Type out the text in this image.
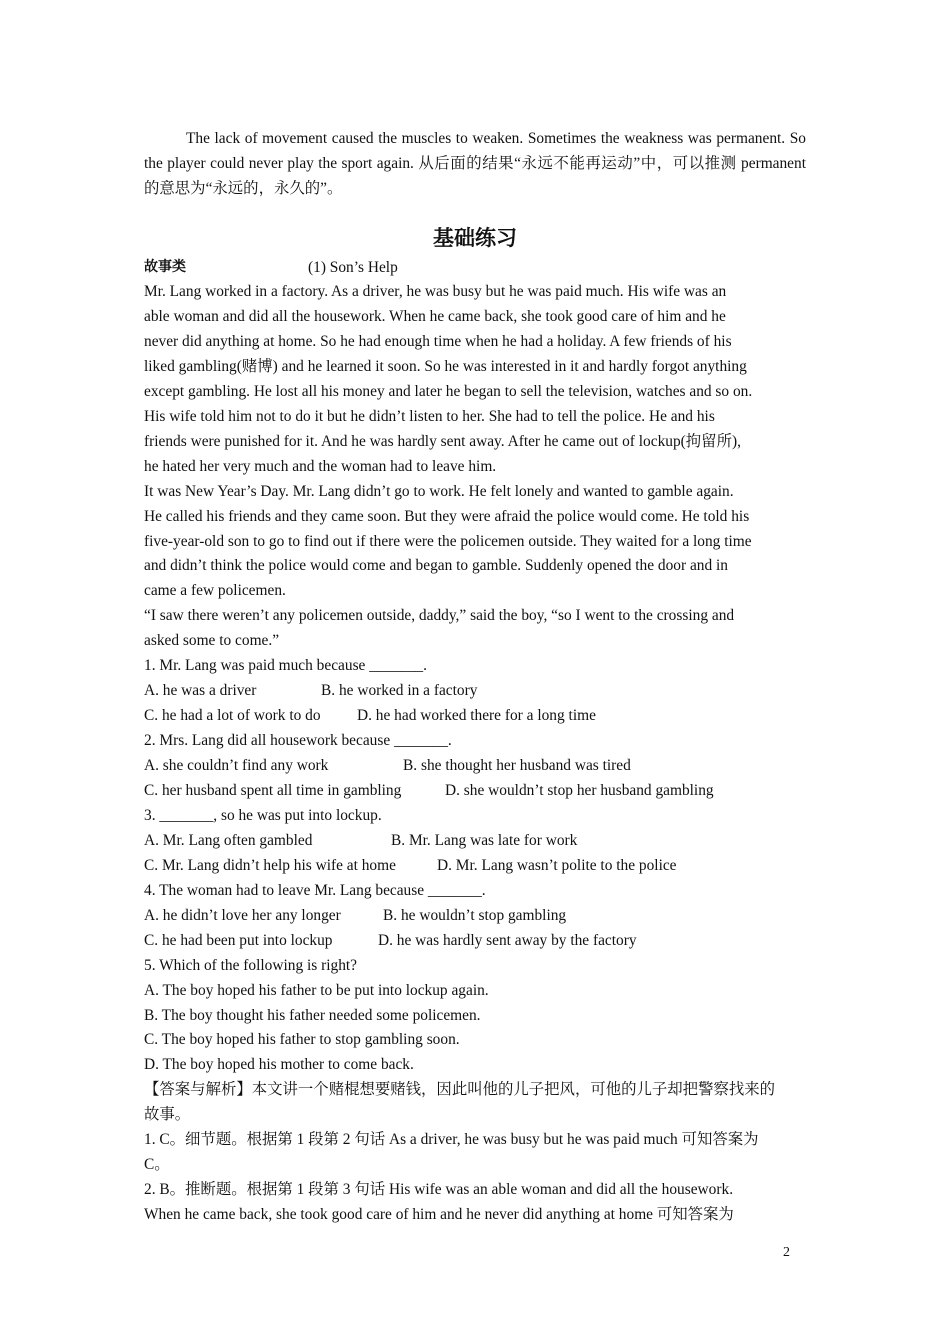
The lack of movement caused the muscles to weaken. Sometimes the weakness was permanent. So the player could never play the sport again. 从后面的结果“永远不能再运动”中，可以推测 permanent 的意思为“永远的，永久的”。

基础练习
故事类	(1) Son’s Help

Mr. Lang worked in a factory. As a driver, he was busy but he was paid much. His wife was an

able woman and did all the housework. When he came back, she took good care of him and he

never did anything at home. So he had enough time when he had a holiday. A few friends of his

liked gambling(赌博) and he learned it soon. So he was interested in it and hardly forgot anything

except gambling. He lost all his money and later he began to sell the television, watches and so on.

His wife told him not to do it but he didn’t listen to her. She had to tell the police. He and his

friends were punished for it. And he was hardly sent away. After he came out of lockup(拘留所),

he hated her very much and the woman had to leave him.

It was New Year’s Day. Mr. Lang didn’t go to work. He felt lonely and wanted to gamble again.

He called his friends and they came soon. But they were afraid the police would come. He told his

five-year-old son to go to find out if there were the policemen outside. They waited for a long time

and didn’t think the police would come and began to gamble. Suddenly opened the door and in

came a few policemen.

“I saw there weren’t any policemen outside, daddy,” said the boy, “so I went to the crossing and

asked some to come.”

1. Mr. Lang was paid much because _______.

A. he was a driver	B. he worked in a factory
C. he had a lot of work to do D. he had worked there for a long time

2. Mrs. Lang did all housework because _______.

A. she couldn’t find any work	B. she thought her husband was tired
C. her husband spent all time in gambling	D. she wouldn’t stop her husband gambling

3. _______, so he was put into lockup.

A. Mr. Lang often gambled	B. Mr. Lang was late for work
C. Mr. Lang didn’t help his wife at home	D. Mr. Lang wasn’t polite to the police

4. The woman had to leave Mr. Lang because _______.

A. he didn’t love her any longer	B. he wouldn’t stop gambling
C. he had been put into lockup	D. he was hardly sent away by the factory

5. Which of the following is right?

A. The boy hoped his father to be put into lockup again.

B. The boy thought his father needed some policemen.

C. The boy hoped his father to stop gambling soon.

D. The boy hoped his mother to come back.

【答案与解析】本文讲一个赌棍想要赌钱，因此叫他的儿子把风，可他的儿子却把警察找来的

故事。

1. C。细节题。根据第 1 段第 2 句话 As a driver, he was busy but he was paid much 可知答案为

C。

2. B。推断题。根据第 1 段第 3 句话 His wife was an able woman and did all the housework.

When he came back, she took good care of him and he never did anything at home 可知答案为

2
